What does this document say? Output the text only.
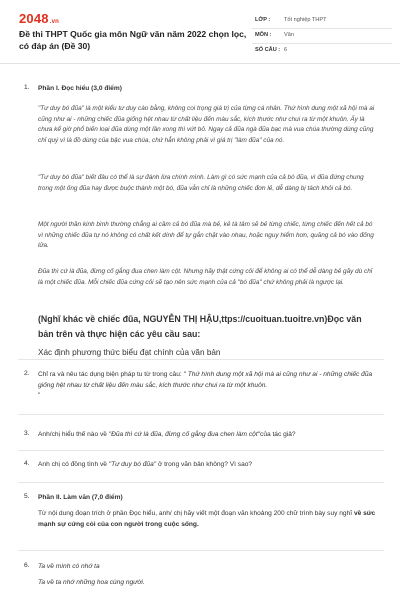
2048.vn
Đề thi THPT Quốc gia môn Ngữ văn năm 2022 chọn lọc, có đáp án (Đề 30)
LỚP : Tốt nghiệp THPT
MÔN : Văn
SỐ CÂU : 6
1. Phần I. Đọc hiểu (3,0 điểm)
"Tư duy bó đũa" là một kiểu tư duy cào bằng, không coi trọng giá trị của từng cá nhân. Thứ hình dung một xã hội mà ai cũng như ai - những chiếc đũa giống hệt nhau từ chất liệu đến màu sắc, kích thước như chui ra từ một khuôn. Ấy là chưa kể giờ phổ biến loại đũa dùng một lần xong thì vứt bỏ. Ngay cả đũa ngà đũa bạc mà vua chúa thường dùng cũng chỉ quý vì là đồ dùng của bậc vua chúa, chứ hẳn không phải vì giá trị "làm đũa" của nó.
"Tư duy bó đũa" biết đâu có thể là sự đánh lừa chính mình. Làm gì có sức mạnh của cả bó đũa, vì đũa đứng chung trong một ống đũa hay được buộc thành một bó, đũa vẫn chỉ là những chiếc đơn lẻ, dễ dàng bị tách khỏi cả bó.
Một người thần kinh bình thường chẳng ai cầm cả bó đũa mà bẻ, kẻ tà tâm sẽ bẻ từng chiếc, từng chiếc đến hết cả bó vì những chiếc đũa tự nó không có chất kết dính để tự gắn chặt vào nhau, hoặc nguy hiểm hơn, quăng cả bó vào đống lửa.
Đũa thì cứ là đũa, đừng cố gắng đua chen làm cột. Nhưng hãy thật cứng cỏi để không ai có thể dễ dàng bẻ gãy dù chỉ là một chiếc đũa. Mỗi chiếc đũa cứng cỏi sẽ tạo nên sức mạnh của cả "bó đũa" chứ không phải là ngược lại.
(Nghĩ khác về chiếc đũa, NGUYỄN THỊ HẬU,ttps://cuoituan.tuoitre.vn)Đọc văn bản trên và thực hiện các yêu cầu sau:
Xác định phương thức biểu đạt chính của văn bản
2. Chỉ ra và nêu tác dụng biện pháp tu từ trong câu: " Thứ hình dung một xã hội mà ai cũng như ai - những chiếc đũa giống hệt nhau từ chất liệu đến màu sắc, kích thước như chui ra từ một khuôn.
"
3. Anh/chị hiểu thế nào về "Đũa thì cứ là đũa, đừng cố gắng đua chen làm cột"của tác giả?
4. Anh chị có đồng tình về "Tư duy bó đũa" ở trong văn bản không? Vì sao?
5. Phần II. Làm văn (7,0 điểm)
Từ nội dung đoạn trích ở phần Đọc hiểu, anh/ chị hãy viết một đoạn văn khoảng 200 chữ trình bày suy nghĩ về sức mạnh sự cứng cỏi của con người trong cuộc sống.
6. Ta về mình có nhớ ta
Ta về ta nhớ những hoa cùng người.
